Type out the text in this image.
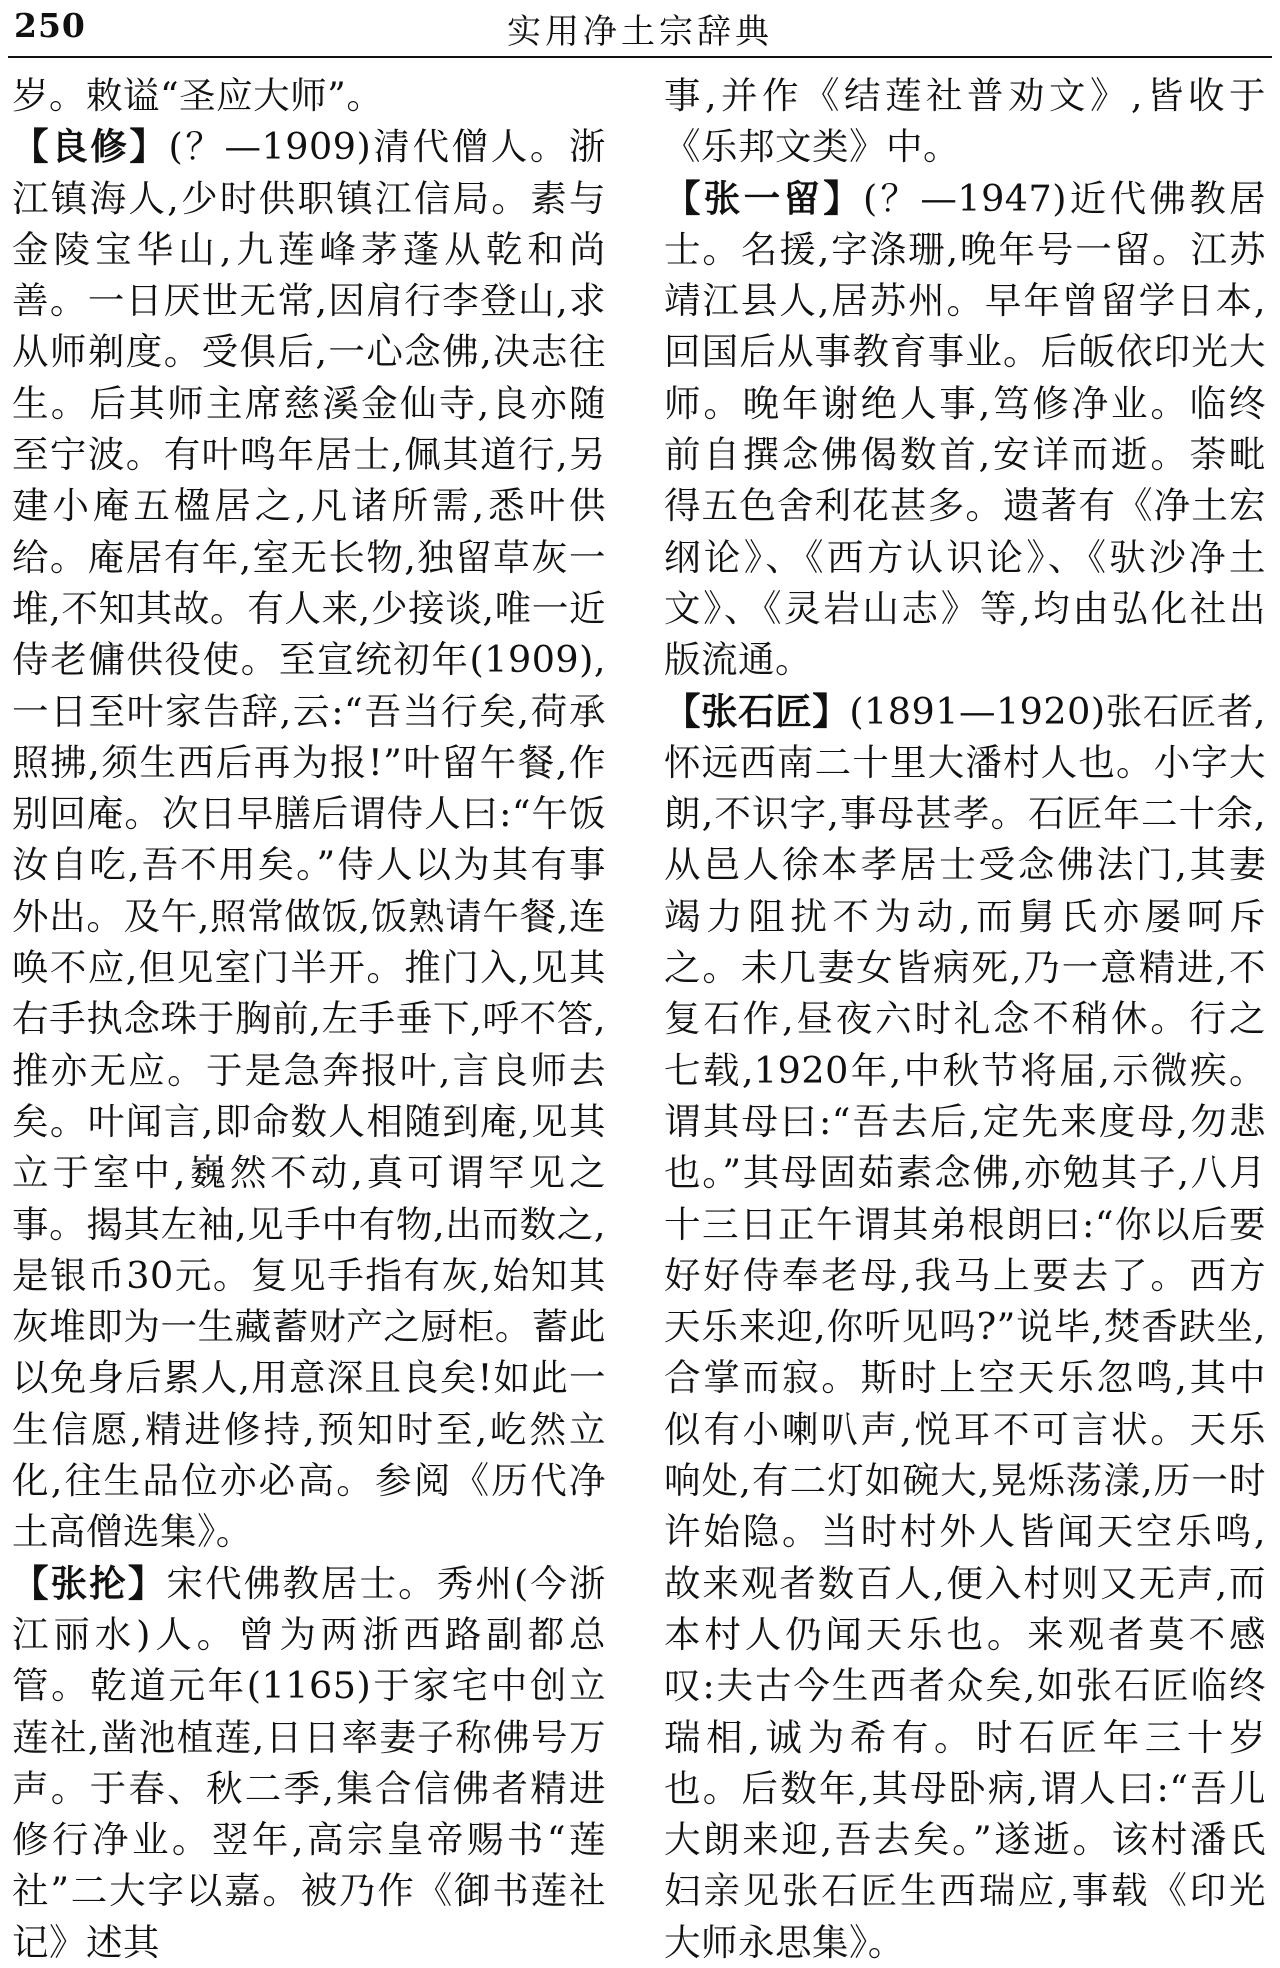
250	实用净土宗辞典

岁。敕谥“圣应大师”。

【良修】(？—1909)清代僧人。浙江镇海人,少时供职镇江信局。素与金陵宝华山,九莲峰茅蓬从乾和尚善。一日厌世无常,因肩行李登山,求从师剃度。受俱后,一心念佛,决志往生。后其师主席慈溪金仙寺,良亦随至宁波。有叶鸣年居士,佩其道行,另建小庵五楹居之,凡诸所需,悉叶供给。庵居有年,室无长物,独留草灰一堆,不知其故。有人来,少接谈,唯一近侍老傭供役使。至宣统初年(1909),一日至叶家告辞,云:“吾当行矣,荷承照拂,须生西后再为报!”叶留午餐,作别回庵。次日早膳后谓侍人曰:“午饭汝自吃,吾不用矣。”侍人以为其有事外出。及午,照常做饭,饭熟请午餐,连唤不应,但见室门半开。推门入,见其右手执念珠于胸前,左手垂下,呼不答,推亦无应。于是急奔报叶,言良师去矣。叶闻言,即命数人相随到庵,见其立于室中,巍然不动,真可谓罕见之事。揭其左袖,见手中有物,出而数之,是银币30元。复见手指有灰,始知其灰堆即为一生藏蓄财产之厨柜。蓄此以免身后累人,用意深且良矣!如此一生信愿,精进修持,预知时至,屹然立化,往生品位亦必高。参阅《历代净土高僧选集》。

【张抡】宋代佛教居士。秀州(今浙江丽水)人。曾为两浙西路副都总管。乾道元年(1165)于家宅中创立莲社,凿池植莲,日日率妻子称佛号万声。于春、秋二季,集合信佛者精进修行净业。翌年,高宗皇帝赐书“莲社”二大字以嘉。被乃作《御书莲社记》述其

事,并作《结莲社普劝文》,皆收于《乐邦文类》中。

【张一留】(？—1947)近代佛教居士。名援,字涤珊,晚年号一留。江苏靖江县人,居苏州。早年曾留学日本,回国后从事教育事业。后皈依印光大师。晚年谢绝人事,笃修净业。临终前自撰念佛偈数首,安详而逝。荼毗得五色舍利花甚多。遗著有《净土宏纲论》、《西方认识论》、《驮沙净土文》、《灵岩山志》等,均由弘化社出版流通。

【张石匠】(1891—1920)张石匠者,怀远西南二十里大潘村人也。小字大朗,不识字,事母甚孝。石匠年二十余,从邑人徐本孝居士受念佛法门,其妻竭力阻扰不为动,而舅氏亦屡呵斥之。未几妻女皆病死,乃一意精进,不复石作,昼夜六时礼念不稍休。行之七载,1920年,中秋节将届,示微疾。谓其母曰:“吾去后,定先来度母,勿悲也。”其母固茹素念佛,亦勉其子,八月十三日正午谓其弟根朗曰:“你以后要好好侍奉老母,我马上要去了。西方天乐来迎,你听见吗?”说毕,焚香趺坐,合掌而寂。斯时上空天乐忽鸣,其中似有小喇叭声,悦耳不可言状。天乐响处,有二灯如碗大,晃烁荡漾,历一时许始隐。当时村外人皆闻天空乐鸣,故来观者数百人,便入村则又无声,而本村人仍闻天乐也。来观者莫不感叹:夫古今生西者众矣,如张石匠临终瑞相,诚为希有。时石匠年三十岁也。后数年,其母卧病,谓人曰:“吾儿大朗来迎,吾去矣。”遂逝。该村潘氏妇亲见张石匠生西瑞应,事载《印光大师永思集》。
